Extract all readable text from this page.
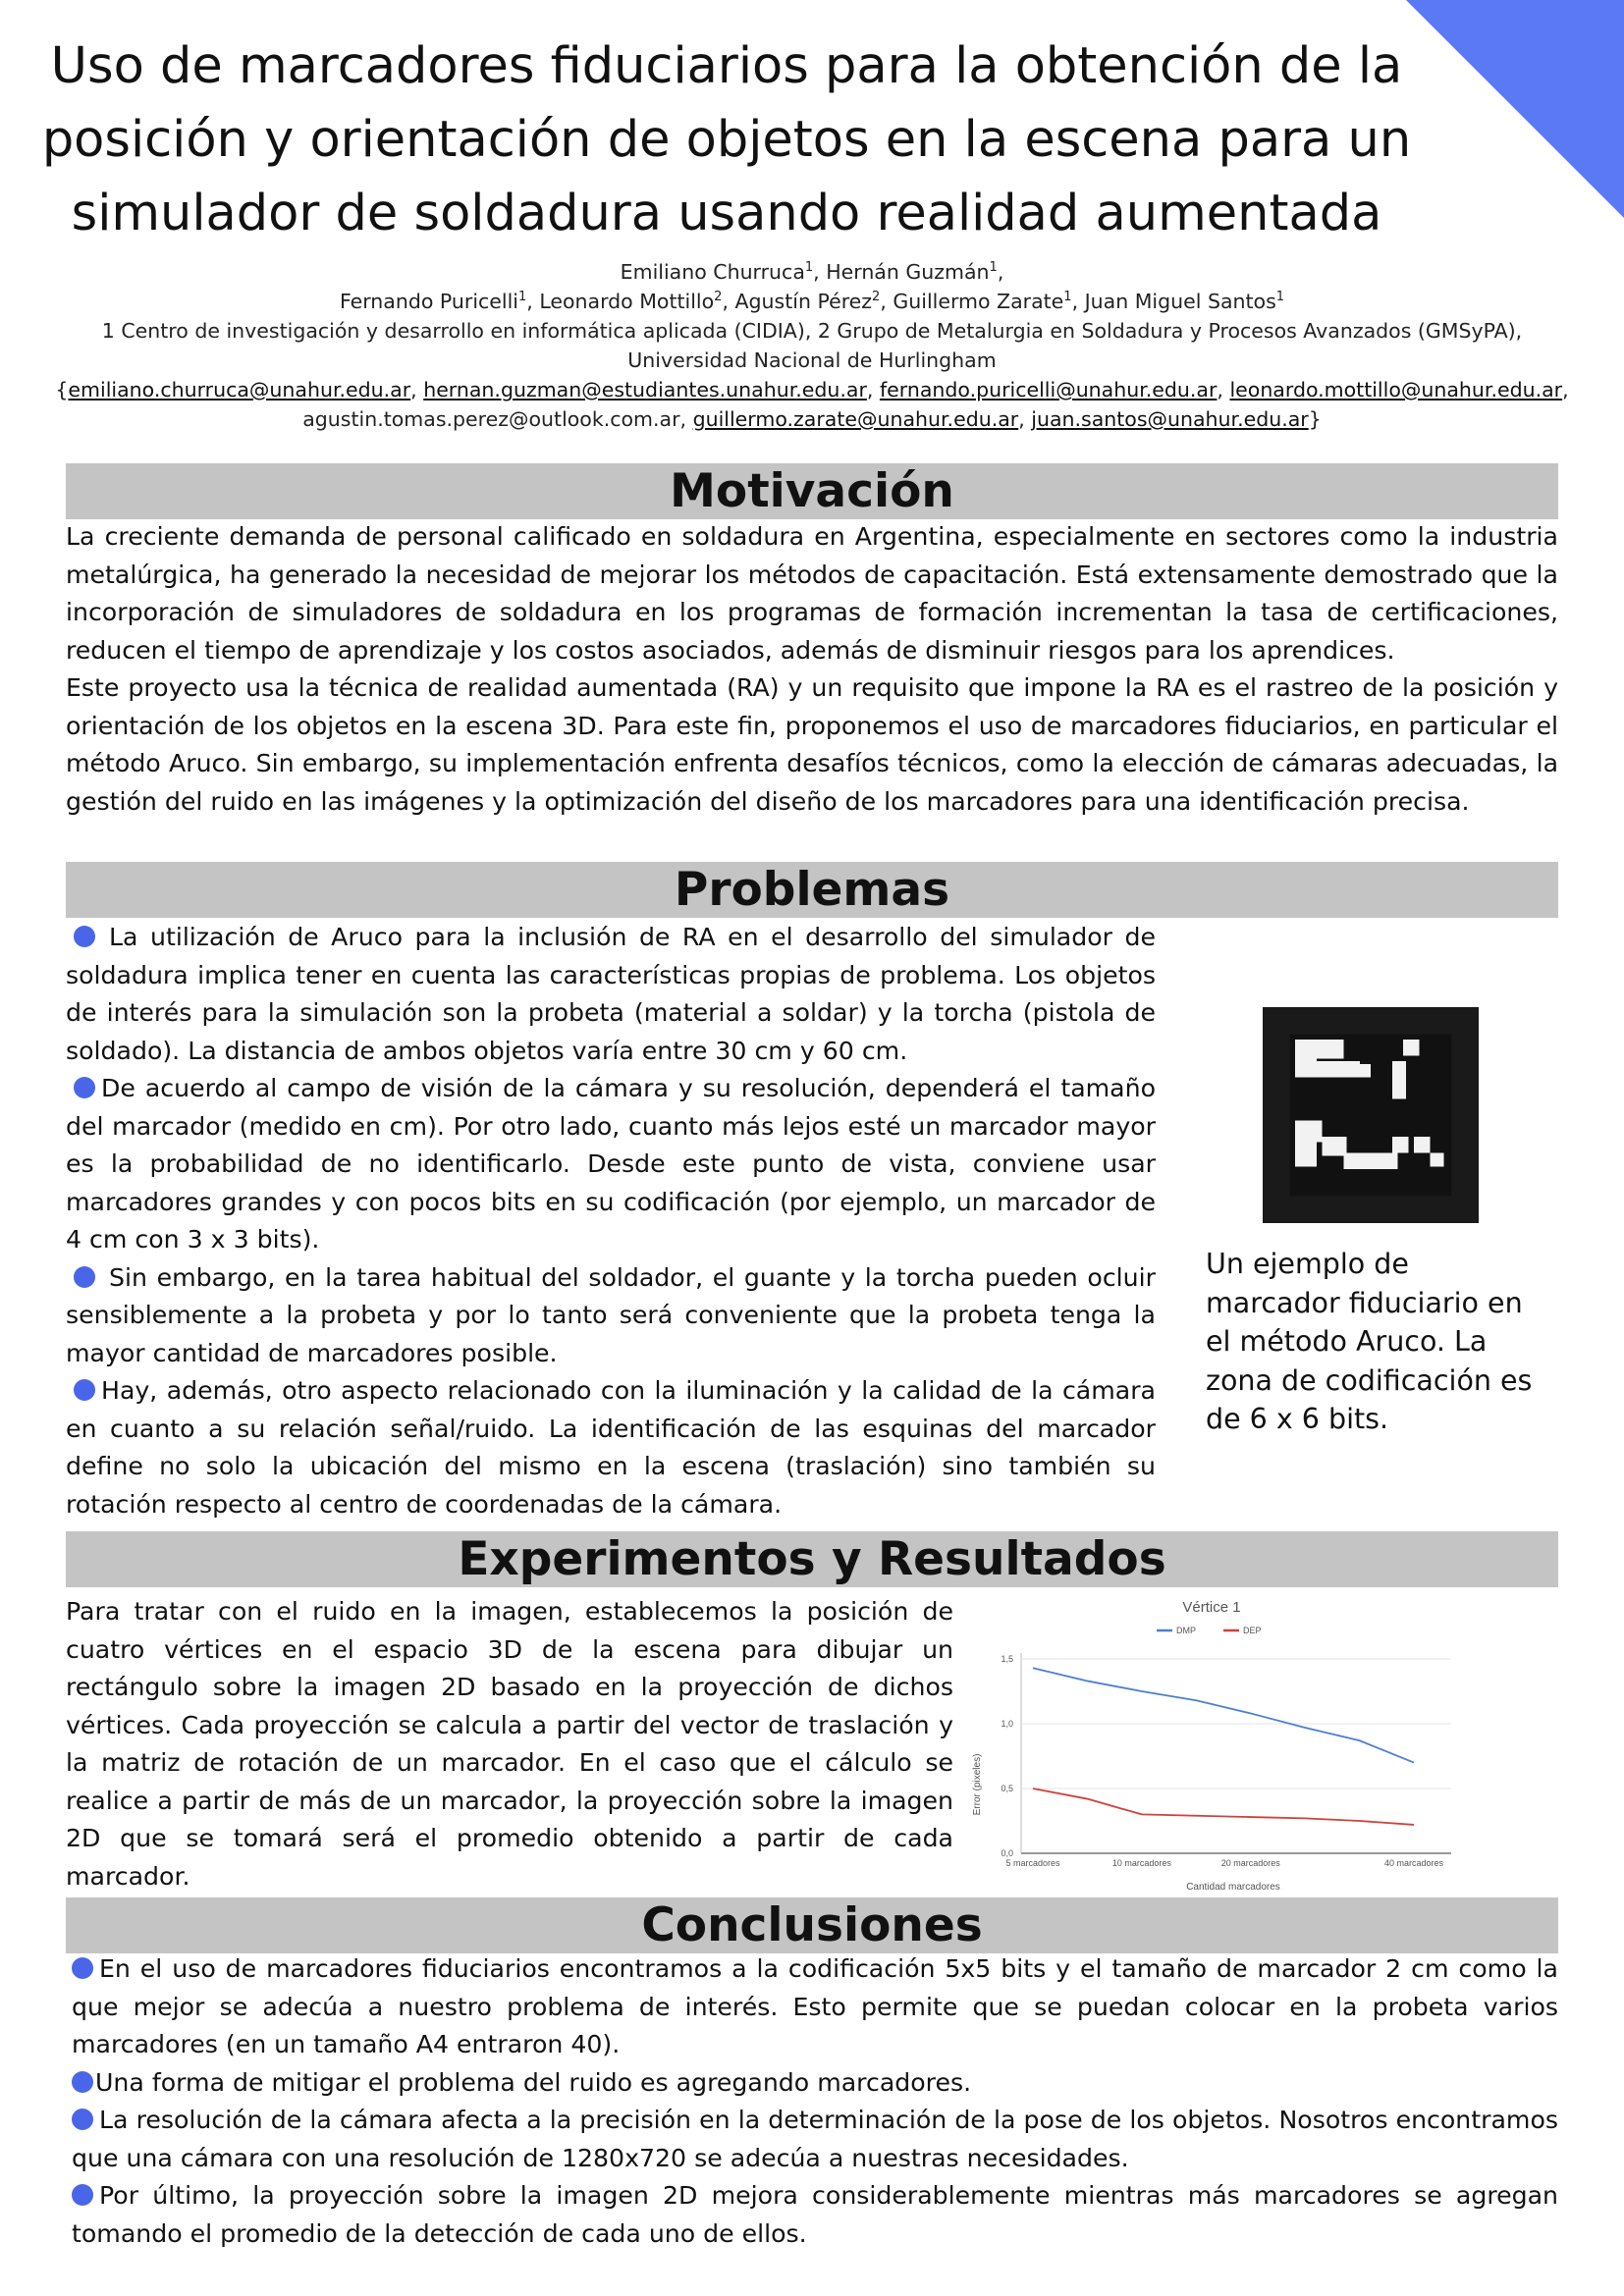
Uso de marcadores fiduciarios para la obtención de la posición y orientación de objetos en la escena para un simulador de soldadura usando realidad aumentada
Emiliano Churruca$^1$, Hernán Guzmán$^1$,
Fernando Puricelli$^1$, Leonardo Mottillo$^2$, Agustín Pérez$^2$, Guillermo Zarate$^1$, Juan Miguel Santos$^1$
1 Centro de investigación y desarrollo en informática aplicada (CIDIA), 2 Grupo de Metalurgia en Soldadura y Procesos Avanzados (GMSyPA),
Universidad Nacional de Hurlingham
{emiliano.churruca@unahur.edu.ar, hernan.guzman@estudiantes.unahur.edu.ar, fernando.puricelli@unahur.edu.ar, leonardo.mottillo@unahur.edu.ar,
agustin.tomas.perez@outlook.com.ar, guillermo.zarate@unahur.edu.ar, juan.santos@unahur.edu.ar}
Motivación

La creciente demanda de personal calificado en soldadura en Argentina, especialmente en sectores como la industria metalúrgica, ha generado la necesidad de mejorar los métodos de capacitación. Está extensamente demostrado que la incorporación de simuladores de soldadura en los programas de formación incrementan la tasa de certificaciones, reducen el tiempo de aprendizaje y los costos asociados, además de disminuir riesgos para los aprendices.

Este proyecto usa la técnica de realidad aumentada (RA) y un requisito que impone la RA es el rastreo de la posición y orientación de los objetos en la escena 3D. Para este fin, proponemos el uso de marcadores fiduciarios, en particular el método Aruco. Sin embargo, su implementación enfrenta desafíos técnicos, como la elección de cámaras adecuadas, la gestión del ruido en las imágenes y la optimización del diseño de los marcadores para una identificación precisa.

Problemas

La utilización de Aruco para la inclusión de RA en el desarrollo del simulador de soldadura implica tener en cuenta las características propias de problema. Los objetos de interés para la simulación son la probeta (material a soldar) y la torcha (pistola de soldado). La distancia de ambos objetos varía entre 30 cm y 60 cm.

De acuerdo al campo de visión de la cámara y su resolución, dependerá el tamaño del marcador (medido en cm). Por otro lado, cuanto más lejos esté un marcador mayor es la probabilidad de no identificarlo. Desde este punto de vista, conviene usar marcadores grandes y con pocos bits en su codificación (por ejemplo, un marcador de 4 cm con 3 x 3 bits).

Sin embargo, en la tarea habitual del soldador, el guante y la torcha pueden ocluir sensiblemente a la probeta y por lo tanto será conveniente que la probeta tenga la mayor cantidad de marcadores posible.

Hay, además, otro aspecto relacionado con la iluminación y la calidad de la cámara en cuanto a su relación señal/ruido. La identificación de las esquinas del marcador define no solo la ubicación del mismo en la escena (traslación) sino también su rotación respecto al centro de coordenadas de la cámara.

Un ejemplo de marcador fiduciario en el método Aruco. La zona de codificación es de 6 x 6 bits.
Experimentos y Resultados

Para tratar con el ruido en la imagen, establecemos la posición de cuatro vértices en el espacio 3D de la escena para dibujar un rectángulo sobre la imagen 2D basado en la proyección de dichos vértices. Cada proyección se calcula a partir del vector de traslación y la matriz de rotación de un marcador. En el caso que el cálculo se realice a partir de más de un marcador, la proyección sobre la imagen 2D que se tomará será el promedio obtenido a partir de cada marcador.

Vértice 1
DMP	DEP
0,0
0,5
1,0
1,5
5 marcadores	10 marcadores	20 marcadores	40 marcadores
Cantidad marcadores
Error (pixeles)
Conclusiones

En el uso de marcadores fiduciarios encontramos a la codificación 5x5 bits y el tamaño de marcador 2 cm como la que mejor se adecúa a nuestro problema de interés. Esto permite que se puedan colocar en la probeta varios marcadores (en un tamaño A4 entraron 40).

Una forma de mitigar el problema del ruido es agregando marcadores.

La resolución de la cámara afecta a la precisión en la determinación de la pose de los objetos. Nosotros encontramos que una cámara con una resolución de 1280x720 se adecúa a nuestras necesidades.

Por último, la proyección sobre la imagen 2D mejora considerablemente mientras más marcadores se agregan tomando el promedio de la detección de cada uno de ellos.
